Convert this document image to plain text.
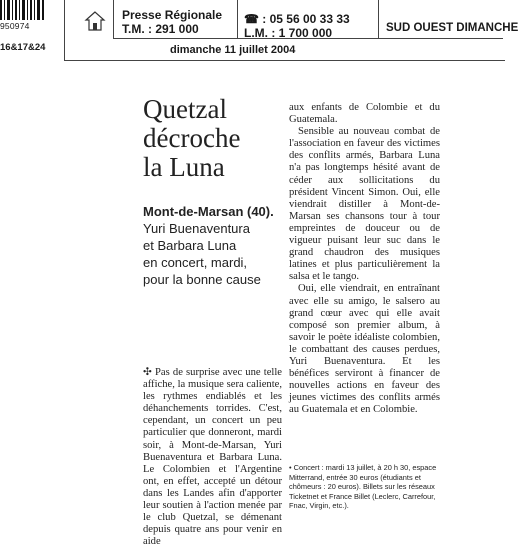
950974
16&17&24
Presse Régionale
T.M. : 291 000
☎ : 05 56 00 33 33
L.M. : 1 700 000	SUD OUEST DIMANCHE
dimanche 11 juillet 2004
Quetzal
décroche
la Luna
Mont-de-Marsan (40).
Yuri Buenaventura
et Barbara Luna
en concert, mardi,
pour la bonne cause

✣ Pas de surprise avec une telle affiche, la musique sera caliente, les rythmes endiablés et les déhanchements torrides. C'est, cependant, un concert un peu particulier que donneront, mardi soir, à Mont-de-Marsan, Yuri Buenaventura et Barbara Luna. Le Colombien et l'Argentine ont, en effet, accepté un détour dans les Landes afin d'apporter leur soutien à l'action menée par le club Quetzal, se démenant depuis quatre ans pour venir en aide

aux enfants de Colombie et du Guatemala.

Sensible au nouveau combat de l'association en faveur des victimes des conflits armés, Barbara Luna n'a pas longtemps hésité avant de céder aux sollicitations du président Vincent Simon. Oui, elle viendrait distiller à Mont-de-Marsan ses chansons tour à tour empreintes de douceur ou de vigueur puisant leur suc dans le grand chaudron des musiques latines et plus particulièrement la salsa et le tango.

Oui, elle viendrait, en entraînant avec elle su amigo, le salsero au grand cœur avec qui elle avait composé son premier album, à savoir le poète idéaliste colombien, le combattant des causes perdues, Yuri Buenaventura. Et les bénéfices serviront à financer de nouvelles actions en faveur des jeunes victimes des conflits armés au Guatemala et en Colombie.

• Concert : mardi 13 juillet, à 20 h 30, espace Mitterrand, entrée 30 euros (étudiants et chômeurs : 20 euros). Billets sur les réseaux Ticketnet et France Billet (Leclerc, Carrefour, Fnac, Virgin, etc.).
